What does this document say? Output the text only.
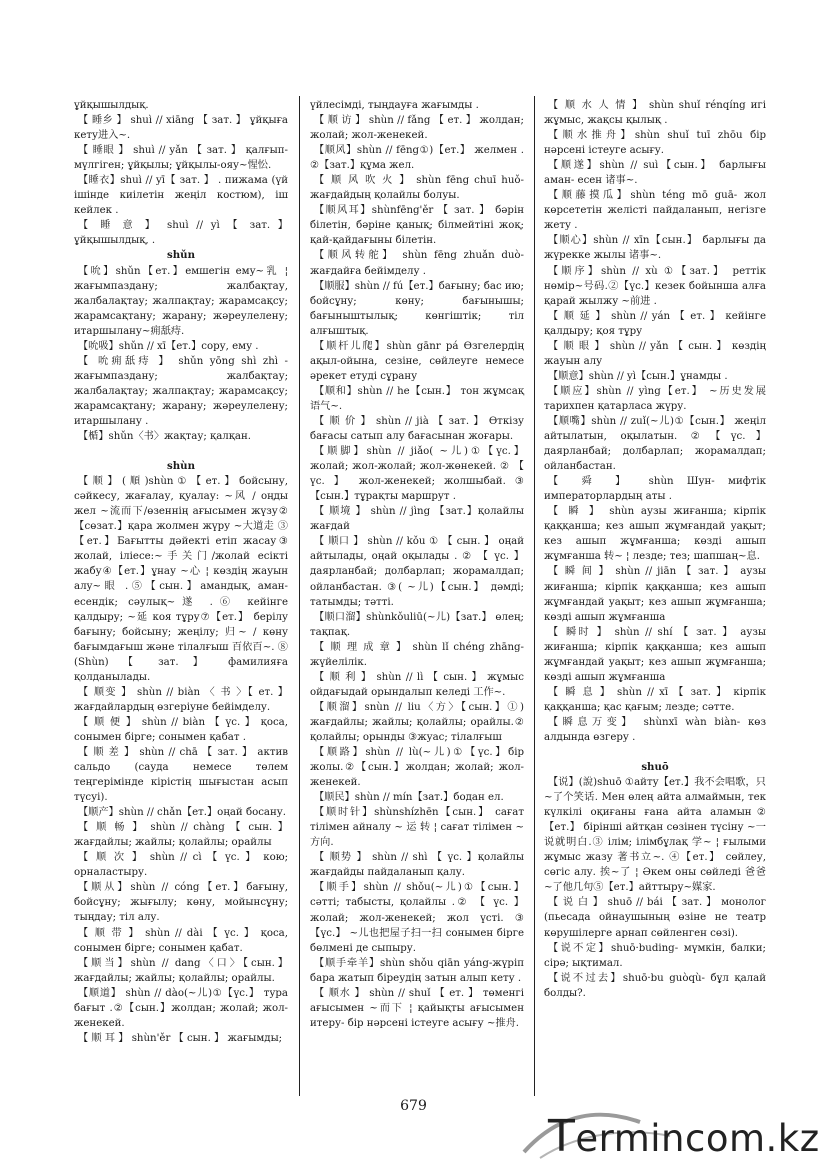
ұйқышылдық.
【 睡乡 】 shuì // xiāng 【 зат. 】 ұйқыға кету进入~.
【 睡眼 】 shuì // yǎn 【 зат. 】 қалғып-мүлгіген; ұйқылы; ұйқылы-ояу~惺忪.
【睡衣】shuì // yī【 зат. 】 . пижама (үй ішінде киілетін жеңіл костюм), іш кейлек .
【 睡 意 】 shuì // yì 【 зат. 】 ұйқышылдық, .
shǔn
【吮】shǔn【ет.】емшегін ему~乳 ¦ жағымпаздану; жалбақтау, жалбалақтау; жалпақтау; жарамсақсу; жарамсақтану; жарану; жәреулелену; итаршылану~痈舐痔.
【吮吸】shǔn // xī【ет.】сору, ему .
【 吮痈舐痔 】 shǔn yōng shì zhì - жағымпаздану; жалбақтау; жалбалақтау; жалпақтау; жарамсақсу; жарамсақтану; жарану; жәреулелену; итаршылану .
【楯】shǔn〈书〉жақтау; қалқан.
shùn
【 顺 】 ( 順 )shùn ① 【 ет. 】 бойсыну, сәйкесу, жағалау, қуалау: ~风 / оңды жел ~流而下/өзеннің ағысымен жүзу②【сөзат.】қара жолмен жүру ~大道走 ③【ет.】Бағытты дәйекті етіп жасау③ жолай, іліесе:~手关门/жолай есікті жабу④【ет.】ұнау ~心 ¦ көздің жауын алу~眼 .⑤【сын.】амандық, аман-есендік; сәулық~遂 .⑥ кейінге қалдыру; ~延 кoя тұру⑦【ет.】 берілу бағыну; бойсыну; жеңілу; 归~ / көну бағымдағыш және тілалғыш 百依百~. ⑧ (Shùn) 【 зат. 】 фамилияға қолданылады.
【 顺变 】 shùn // biàn 〈 书 〉【 ет. 】 жағдайлардың өзгеріуне бейімделу.
【 顺 便 】 shùn // biàn 【 үс. 】 қоса, сонымен бірге; сонымен қабат .
【 顺 差 】 shùn // chā 【 зат. 】 актив сальдо (сауда немесе төлем теңгеріміндe кірістің шығыстан асып түсуі).
【顺产】shùn // chǎn【ет.】оңай босану.
【 顺 畅 】 shùn // chàng 【 сын. 】 жағдайлы; жайлы; қолайлы; орайлы
【 顺 次 】 shùn // cì 【 үс. 】 кою; орналастыру.
【顺从】shùn // cóng【ет.】бағыну, бойсұну; жығылу; көну, мойынсұну; тыңдау; тіл алу.
【 顺 带 】 shùn // dài 【 үс. 】 қоса, сонымен бірге; сонымен қабат.
【顺当】shùn // dang〈口〉【сын.】 жағдайлы; жайлы; қолайлы; орайлы.
【顺道】 shùn // dào(~儿)①【үс.】 тура бағыт .②【сын.】жолдан; жолай; жол-женекей.
【 顺 耳 】 shùn'ěr 【 сын. 】 жағымды;
үйлесімді, тыңдауға жағымды .
【 顺 访 】 shùn // fǎng 【 ет. 】 жолдан; жолай; жол-женекей.
【顺风】shùn // fēng①)【ет.】 желмен . ②【зат.】құма жел.
【 顺 风 吹 火 】 shùn fēng chuī huǒ- жағдайдың қолайлы болуы.
【顺风耳】shùnfēng'ěr 【 зат. 】 бәрін білетін, бәріне қанық; білмейтіні жоқ; қай-қайдағыны білетін.
【顺风转舵】 shùn fēng zhuǎn duò- жағдайға бейімделу .
【顺服】shùn // fú【ет.】бағыну; бас ию; бойсұну; көну; бағынышы; бағыныштылық; көнгіштік; тіл алғыштық.
【顺杆儿爬】shùn gānr pá Өзгелердің ақыл-ойына, сезіне, сөйлеуге немесе әрекет етуді сұрану
【顺和】shùn // he【сын.】 тон жұмсақ 语气~.
【 顺 价 】 shùn // jià 【 зат. 】 Өткізу бағасы сатып алу бағасынан жоғары.
【顺脚】shùn // jiǎo( ~儿)①【үс.】 жолай; жол-жолай; жол-жөнекей. ② 【 үс. 】 жол-женекей; жолшыбай. ③【сын.】тұрақты маршрут .
【 顺境 】 shùn // jìng 【зат.】қолайлы жағдай
【 顺口 】 shùn // kǒu ① 【 сын. 】 оңай айтылады, оңай оқылады . ② 【 үс. 】 даярланбай; долбарлап; жорамалдап; ойланбастан. ③( ~儿)【сын.】 дәмді; татымды; тәтті.
【顺口溜】shùnkǒuliū(~儿)【зат.】 өлең; тақпақ.
【 顺 理 成 章 】 shùn lǐ chéng zhāng- жүйелілік.
【 顺 利 】 shùn // lì 【 сын. 】 жұмыс ойдағыдай орындалып келеді 工作~.
【顺溜】snùn // liu〈方〉【сын.】①) жағдайлы; жайлы; қолайлы; орайлы.② қолайлы; орынды ③жуас; тілалғыш
【顺路】shùn // lù(~儿)①【үс.】бір жолы.②【сын.】жолдан; жолай; жол-женекей.
【顺民】shùn // mín【зат.】бодан ел.
【顺时针】shùnshízhēn【сын.】 сағат тілімен айналу ~ 运 转 ¦ сағат тілімен ~方向.
【 顺势 】 shùn // shì 【 үс. 】қолайлы жағдайды пайдаланып қалу.
【顺手】shùn // shǒu(~儿)①【сын.】 сәтті; табысты, қолайлы .② 【 үс. 】 жолай; жол-женекей; жол үсті. ③【үс.】 ~儿也把屋子扫一扫 сонымен бірге бөлмені де сыпыру.
【顺手牵羊】shùn shǒu qiān yáng-жүріп бара жатып біреудің затын алып кету .
【 顺水 】 shùn // shuǐ 【 ет. 】 төменгі ағысымен ~而下 ¦ қайықты ағысымен итеру- бір нәрсені істеуге асығу ~推舟.
【 顺 水 人 情 】 shùn shuǐ rénqíng игі жұмыс, жақсы қылық .
【顺水推舟】shùn shuǐ tuī zhōu бір нәрсені істеуге асығу.
【顺遂】shùn // suì【сын.】 барлығы аман- есен 诸事~.
【顺藤摸瓜】shùn téng mō guā- жол көрсететін желісті пайдаланып, негізге жету .
【顺心】shùn // xīn【сын.】 барлығы да жүрекке жылы 诸事~.
【顺序】shùn // xù ①【зат.】 реттік нөмір~号码.②【үс.】кезек бойынша алға қарай жылжу ~前进 .
【 顺 延 】 shùn // yán 【 ет. 】 кейінге қалдыру; қоя тұру
【 顺 眼 】 shùn // yǎn 【 сын. 】 көздің жауын алу
【顺意】shùn // yì【сын.】ұнамды .
【顺应】shùn // yìng【ет.】 ~历史发展 тарихпен қатарласа жүру.
【顺嘴】shùn // zuǐ(~儿)①【сын.】 жеңіл айтылатын, оқылатын. ②【үс.】 даярланбай; долбарлап; жорамалдап; ойланбастан.
【 舜 】 shùn Шун- мифтік императорлардың аты .
【 瞬 】 shùn аузы жиғанша; кірпік қаққанша; кез ашып жұмғандай уақыт; кез ашып жұмғанша; көзді ашып жұмғанша 转~ ¦ лезде; тез; шапшаң~息.
【 瞬 间 】 shùn // jiān 【 зат. 】 аузы жиғанша; кірпік қаққанша; кез ашып жұмғандай уақыт; кез ашып жұмғанша; көзді ашып жұмғанша
【 瞬时 】 shùn // shí 【 зат. 】 аузы жиғанша; кірпік қаққанша; кез ашып жұмғандай уақыт; кез ашып жұмғанша; көзді ашып жұмғанша
【 瞬 息 】 shùn // xī 【 зат. 】 кірпік қаққанша; қас қағым; лезде; сәтте.
【瞬息万变】 shùnxī wàn biàn- көз алдында өзгеру .
shuō
【说】(說)shuō ①айту【ет.】我不会唱歌，只~了个笑话. Мен өлең айта алмаймын, тек күлкілі оқиғаны ғана айта аламын②【ет.】 бірінші айтқан сөзінен түсіну ~一说就明白.③ ілім; ілімбұлақ 学~ ¦ ғылыми жұмыс жазу 著书立~. ④【ет.】 сөйлеу, сөгіс алу. 挨~了 ¦ Әкем оны сөйледі 爸爸~了他几句⑤【ет.】айттыру~媒家.
【 说 白 】 shuō // bái 【 зат. 】 монолог (пьесада ойнаушының өзіне не театр көрушілерге арнап сөйленген сөзі).
【说不定】shuō·buding- мүмкін, балки; сірә; ықтимал.
【说不过去】shuō·bu guòqù- бұл қалай болды?.
679
Termincom.kz
